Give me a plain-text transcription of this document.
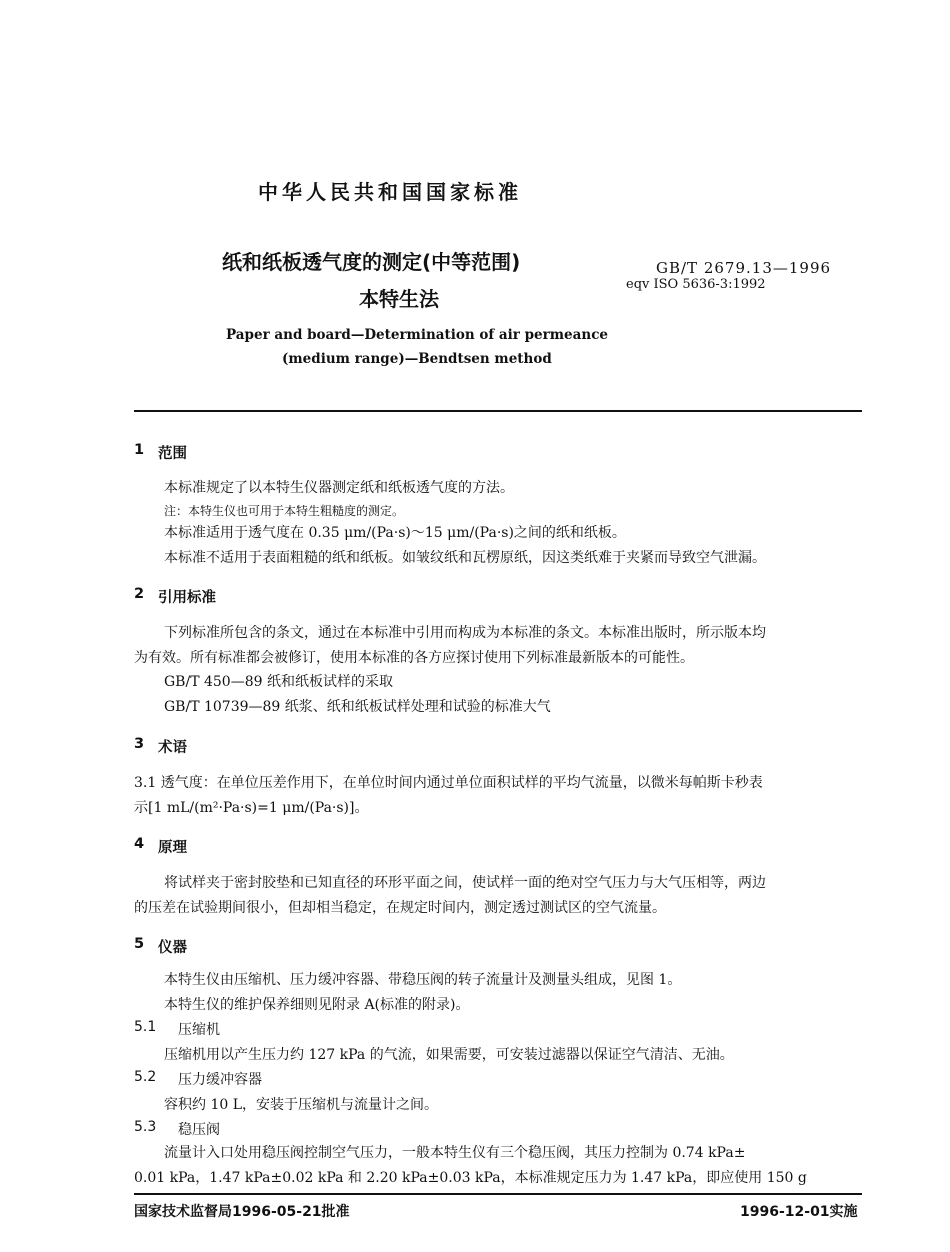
中华人民共和国国家标准
纸和纸板透气度的测定(中等范围)
本特生法
GB/T 2679.13—1996
eqv ISO 5636-3:1992
Paper and board—Determination of air permeance
(medium range)—Bendtsen method
1 范围
本标准规定了以本特生仪器测定纸和纸板透气度的方法。
注：本特生仪也可用于本特生粗糙度的测定。
本标准适用于透气度在 0.35 μm/(Pa·s)～15 μm/(Pa·s)之间的纸和纸板。
本标准不适用于表面粗糙的纸和纸板。如皱纹纸和瓦楞原纸，因这类纸难于夹紧而导致空气泄漏。
2 引用标准
下列标准所包含的条文，通过在本标准中引用而构成为本标准的条文。本标准出版时，所示版本均
为有效。所有标准都会被修订，使用本标准的各方应探讨使用下列标准最新版本的可能性。
GB/T 450—89 纸和纸板试样的采取
GB/T 10739—89 纸浆、纸和纸板试样处理和试验的标准大气
3 术语
3.1 透气度：在单位压差作用下，在单位时间内通过单位面积试样的平均气流量，以微米每帕斯卡秒表
示[1 mL/(m²·Pa·s)=1 μm/(Pa·s)]。
4 原理
将试样夹于密封胶垫和已知直径的环形平面之间，使试样一面的绝对空气压力与大气压相等，两边
的压差在试验期间很小，但却相当稳定，在规定时间内，测定透过测试区的空气流量。
5 仪器
本特生仪由压缩机、压力缓冲容器、带稳压阀的转子流量计及测量头组成，见图 1。
本特生仪的维护保养细则见附录 A(标准的附录)。
5.1 压缩机
压缩机用以产生压力约 127 kPa 的气流，如果需要，可安装过滤器以保证空气清洁、无油。
5.2 压力缓冲容器
容积约 10 L，安装于压缩机与流量计之间。
5.3 稳压阀
流量计入口处用稳压阀控制空气压力，一般本特生仪有三个稳压阀，其压力控制为 0.74 kPa±
0.01 kPa，1.47 kPa±0.02 kPa 和 2.20 kPa±0.03 kPa，本标准规定压力为 1.47 kPa，即应使用 150 g
国家技术监督局1996-05-21批准	1996-12-01实施
